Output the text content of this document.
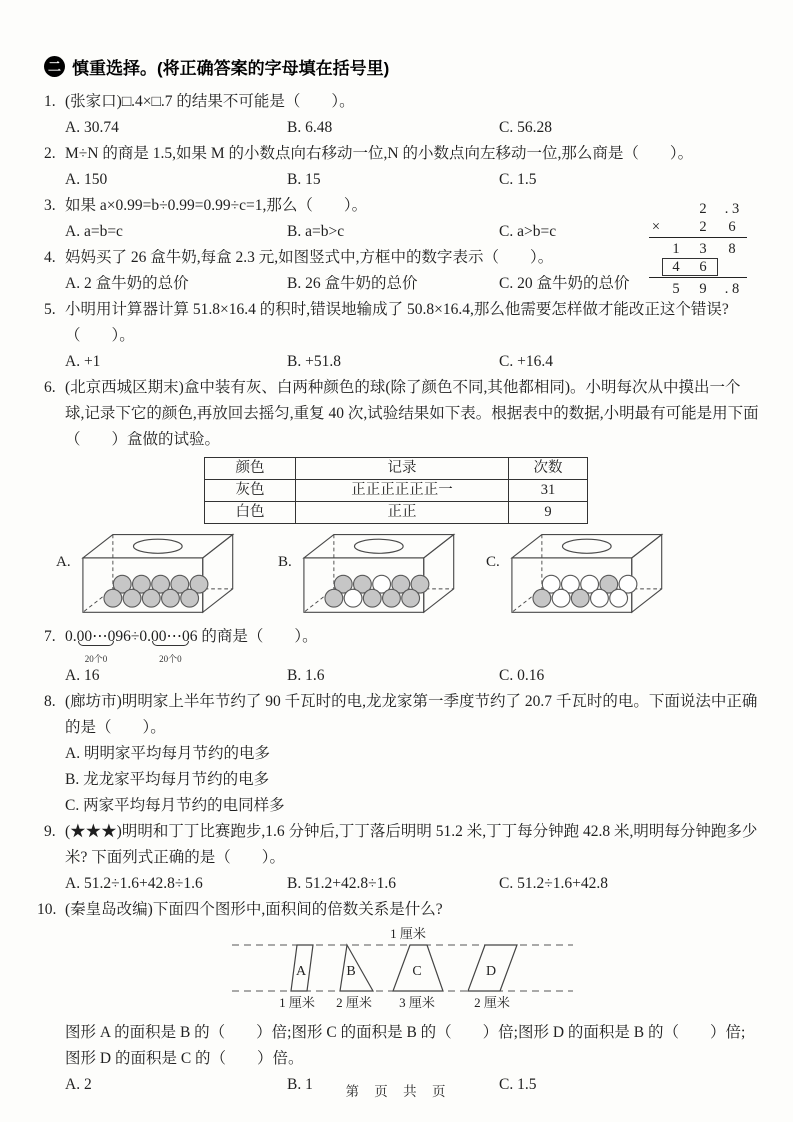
二 慎重选择。(将正确答案的字母填在括号里)
1. (张家口)□.4×□.7 的结果不可能是（　　）。
A. 30.74	B. 6.48	C. 56.28
2. M÷N 的商是 1.5,如果 M 的小数点向右移动一位,N 的小数点向左移动一位,那么商是（　　）。
A. 150	B. 15	C. 1.5
3. 如果 a×0.99=b÷0.99=0.99÷c=1,那么（　　）。
A. a=b=c	B. a=b>c	C. a>b=c
4. 妈妈买了 26 盒牛奶,每盒 2.3 元,如图竖式中,方框中的数字表示（　　）。
A. 2 盒牛奶的总价	B. 26 盒牛奶的总价	C. 20 盒牛奶的总价
5. 小明用计算器计算 51.8×16.4 的积时,错误地输成了 50.8×16.4,那么他需要怎样做才能改正这个错误? （　　）。
A. +1	B. +51.8	C. +16.4
6. (北京西城区期末)盒中装有灰、白两种颜色的球(除了颜色不同,其他都相同)。小明每次从中摸出一个球,记录下它的颜色,再放回去摇匀,重复 40 次,试验结果如下表。根据表中的数据,小明最有可能是用下面（　　）盒做的试验。
颜色	记录	次数
灰色	正正正正正正一	31
白色	正正	9
A.	B.	C.
7. 0.00⋯0
20个0
96÷0.00⋯0
20个0
6 的商是（　　）。
A. 16	B. 1.6	C. 0.16
8. (廊坊市)明明家上半年节约了 90 千瓦时的电,龙龙家第一季度节约了 20.7 千瓦时的电。下面说法中正确的是（　　）。
A. 明明家平均每月节约的电多
B. 龙龙家平均每月节约的电多
C. 两家平均每月节约的电同样多
9. (★★★)明明和丁丁比赛跑步,1.6 分钟后,丁丁落后明明 51.2 米,丁丁每分钟跑 42.8 米,明明每分钟跑多少米? 下面列式正确的是（　　）。
A. 51.2÷1.6+42.8÷1.6	B. 51.2+42.8÷1.6	C. 51.2÷1.6+42.8
10. (秦皇岛改编)下面四个图形中,面积间的倍数关系是什么?
1 厘米
A	B	C	D
1 厘米 2 厘米 3 厘米	2 厘米
图形 A 的面积是 B 的（　　）倍;图形 C 的面积是 B 的（　　）倍;图形 D 的面积是 B 的（　　）倍;图形 D 的面积是 C 的（　　）倍。
A. 2	B. 1	C. 1.5
2	. 3
×	2	6
1	3	8
4	6
5	9	. 8
第 页 共 页
